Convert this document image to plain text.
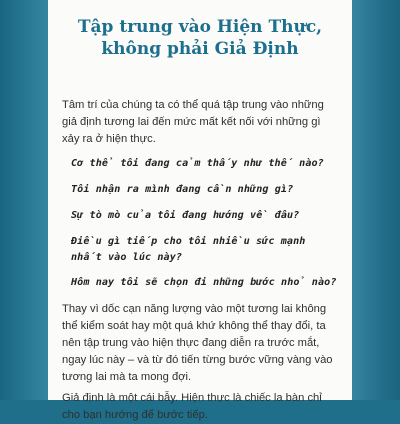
Tập trung vào Hiện Thực,
không phải Giả Định

Tâm trí của chúng ta có thể quá tập trung vào những giả định tương lai đến mức mất kết nối với những gì xảy ra ở hiện thực.

Cơ thể tôi đang cảm thấy như thế nào?
Tôi nhận ra mình đang cần những gì?
Sự tò mò của tôi đang hướng về đâu?
Điều gì tiếp cho tôi nhiều sức mạnh nhất vào lúc này?
Hôm nay tôi sẽ chọn đi những bước nhỏ nào?

Thay vì dốc cạn năng lượng vào một tương lai không thể kiểm soát hay một quá khứ không thể thay đổi, ta nên tập trung vào hiện thực đang diễn ra trước mắt, ngay lúc này – và từ đó tiến từng bước vững vàng vào tương lai mà ta mong đợi.

Giả định là một cái bẫy. Hiện thực là chiếc la bàn chỉ cho bạn hướng để bước tiếp.
